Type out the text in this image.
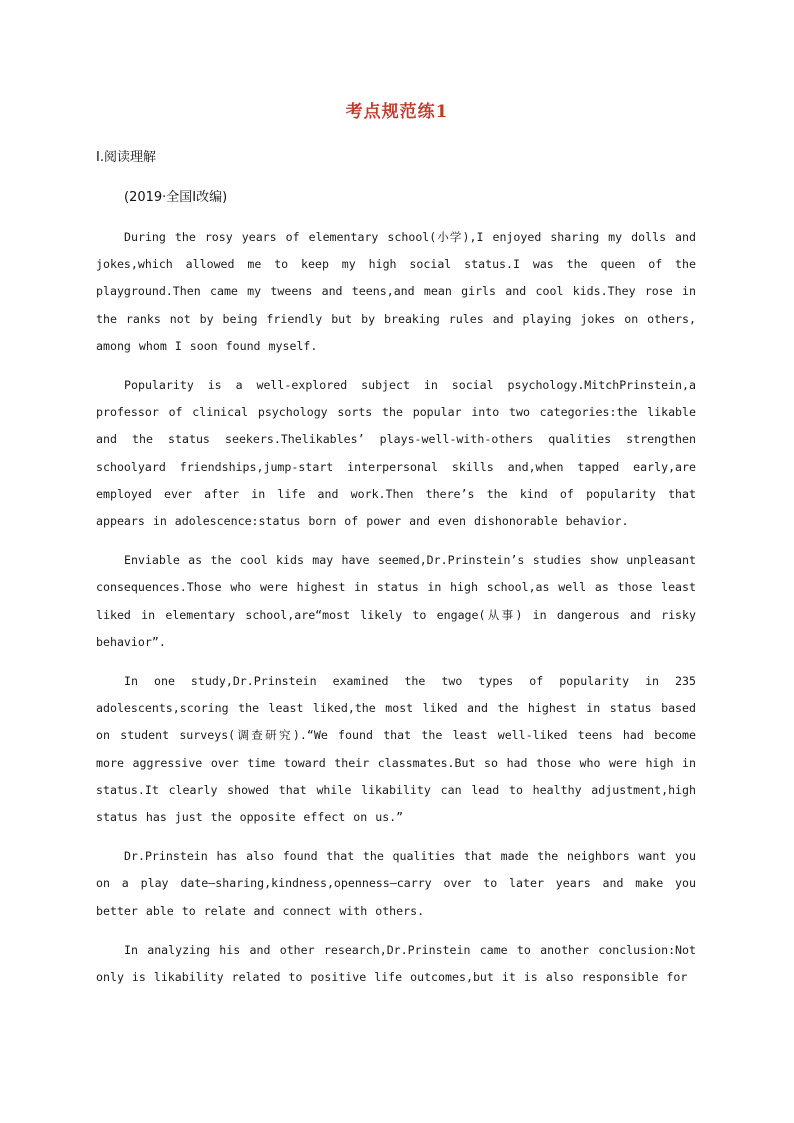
考点规范练1
Ⅰ.阅读理解
(2019·全国Ⅰ改编)

During the rosy years of elementary school(小学),I enjoyed sharing my dolls and jokes,which allowed me to keep my high social status.I was the queen of the playground.Then came my tweens and teens,and mean girls and cool kids.They rose in the ranks not by being friendly but by breaking rules and playing jokes on others, among whom I soon found myself.

Popularity is a well-explored subject in social psychology.MitchPrinstein,a professor of clinical psychology sorts the popular into two categories:the likable and the status seekers.Thelikables’ plays-well-with-others qualities strengthen schoolyard friendships,jump-start interpersonal skills and,when tapped early,are employed ever after in life and work.Then there’s the kind of popularity that appears in adolescence:status born of power and even dishonorable behavior.

Enviable as the cool kids may have seemed,Dr.Prinstein’s studies show unpleasant consequences.Those who were highest in status in high school,as well as those least liked in elementary school,are“most likely to engage(从事) in dangerous and risky behavior”.

In one study,Dr.Prinstein examined the two types of popularity in 235 adolescents,scoring the least liked,the most liked and the highest in status based on student surveys(调查研究).“We found that the least well-liked teens had become more aggressive over time toward their classmates.But so had those who were high in status.It clearly showed that while likability can lead to healthy adjustment,high status has just the opposite effect on us.”

Dr.Prinstein has also found that the qualities that made the neighbors want you on a play date—sharing,kindness,openness—carry over to later years and make you better able to relate and connect with others.

In analyzing his and other research,Dr.Prinstein came to another conclusion:Not only is likability related to positive life outcomes,but it is also responsible for
